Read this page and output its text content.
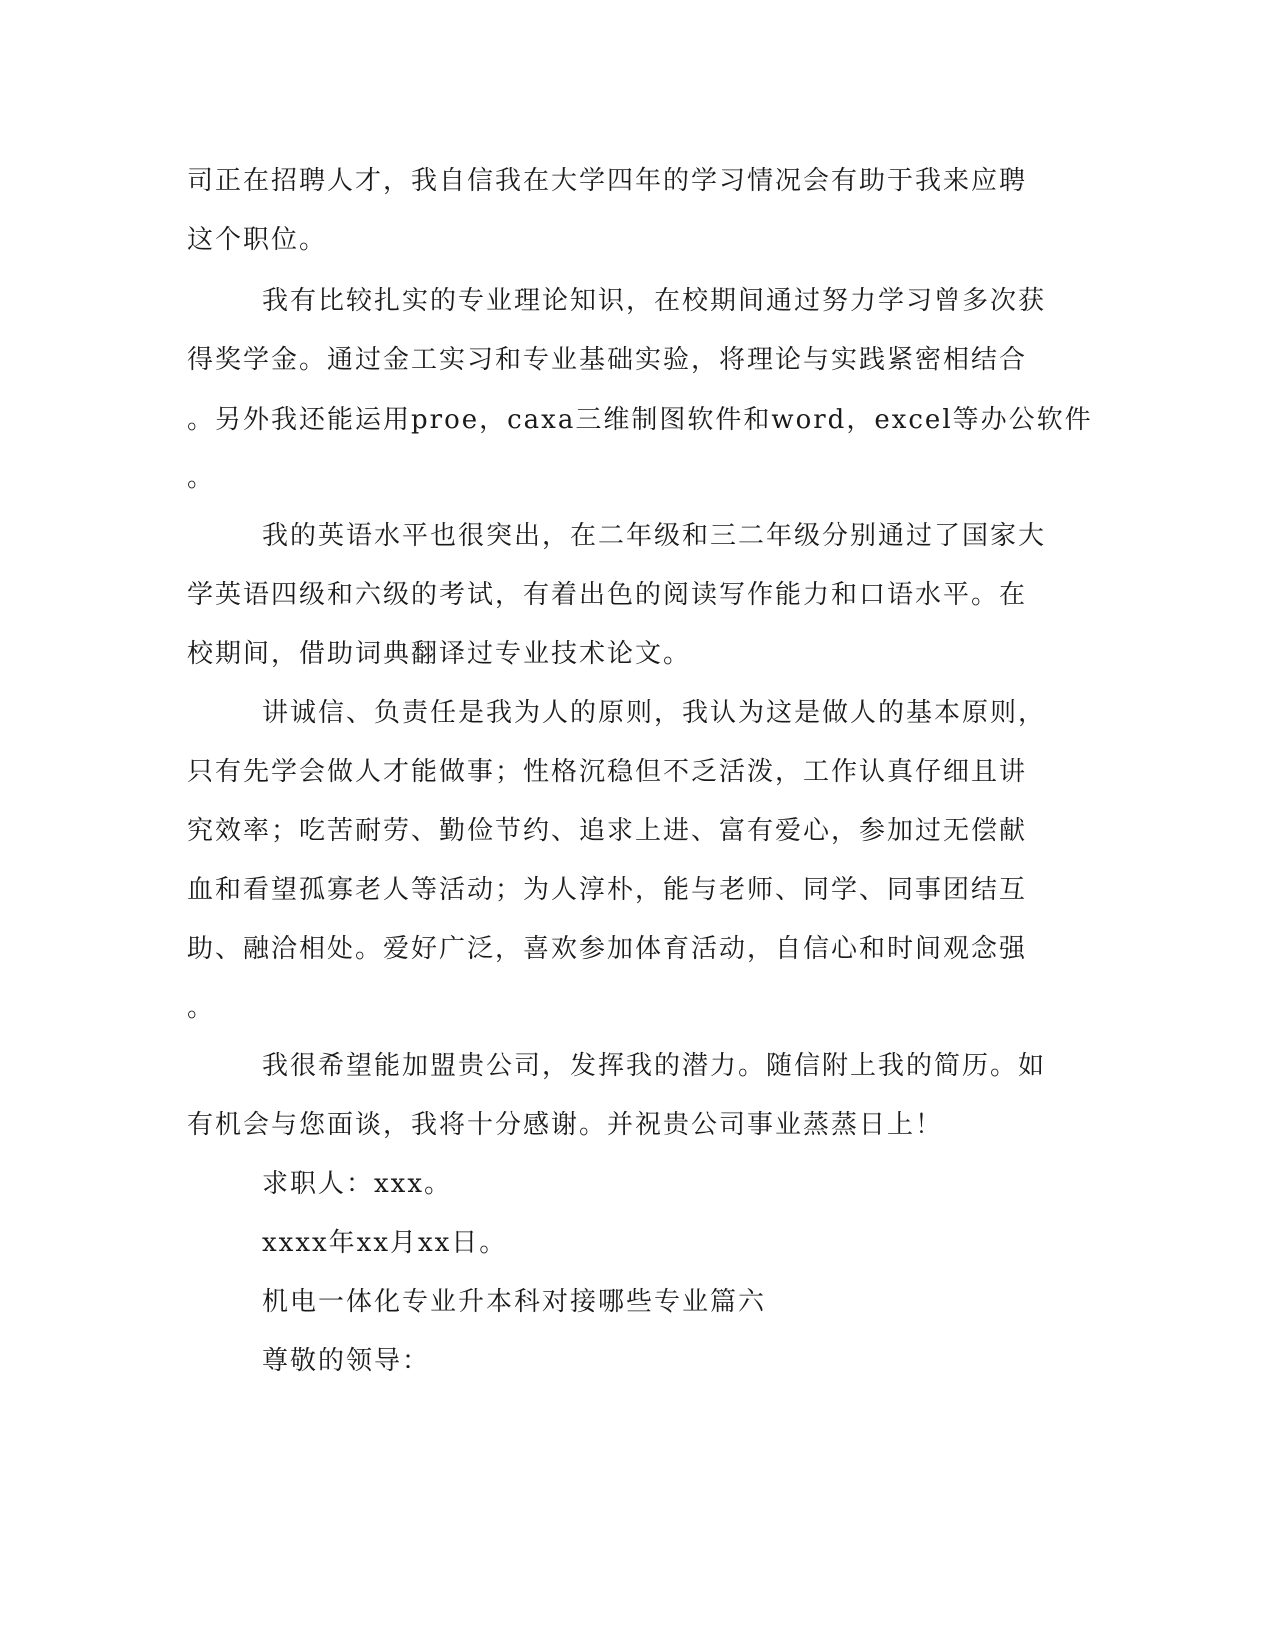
司正在招聘人才，我自信我在大学四年的学习情况会有助于我来应聘
这个职位。
我有比较扎实的专业理论知识，在校期间通过努力学习曾多次获
得奖学金。通过金工实习和专业基础实验，将理论与实践紧密相结合
。另外我还能运用proe，caxa三维制图软件和word，excel等办公软件
。
我的英语水平也很突出，在二年级和三二年级分别通过了国家大
学英语四级和六级的考试，有着出色的阅读写作能力和口语水平。在
校期间，借助词典翻译过专业技术论文。
讲诚信、负责任是我为人的原则，我认为这是做人的基本原则，
只有先学会做人才能做事；性格沉稳但不乏活泼，工作认真仔细且讲
究效率；吃苦耐劳、勤俭节约、追求上进、富有爱心，参加过无偿献
血和看望孤寡老人等活动；为人淳朴，能与老师、同学、同事团结互
助、融洽相处。爱好广泛，喜欢参加体育活动，自信心和时间观念强
。
我很希望能加盟贵公司，发挥我的潜力。随信附上我的简历。如
有机会与您面谈，我将十分感谢。并祝贵公司事业蒸蒸日上！
求职人：xxx。
xxxx年xx月xx日。
机电一体化专业升本科对接哪些专业篇六
尊敬的领导：
